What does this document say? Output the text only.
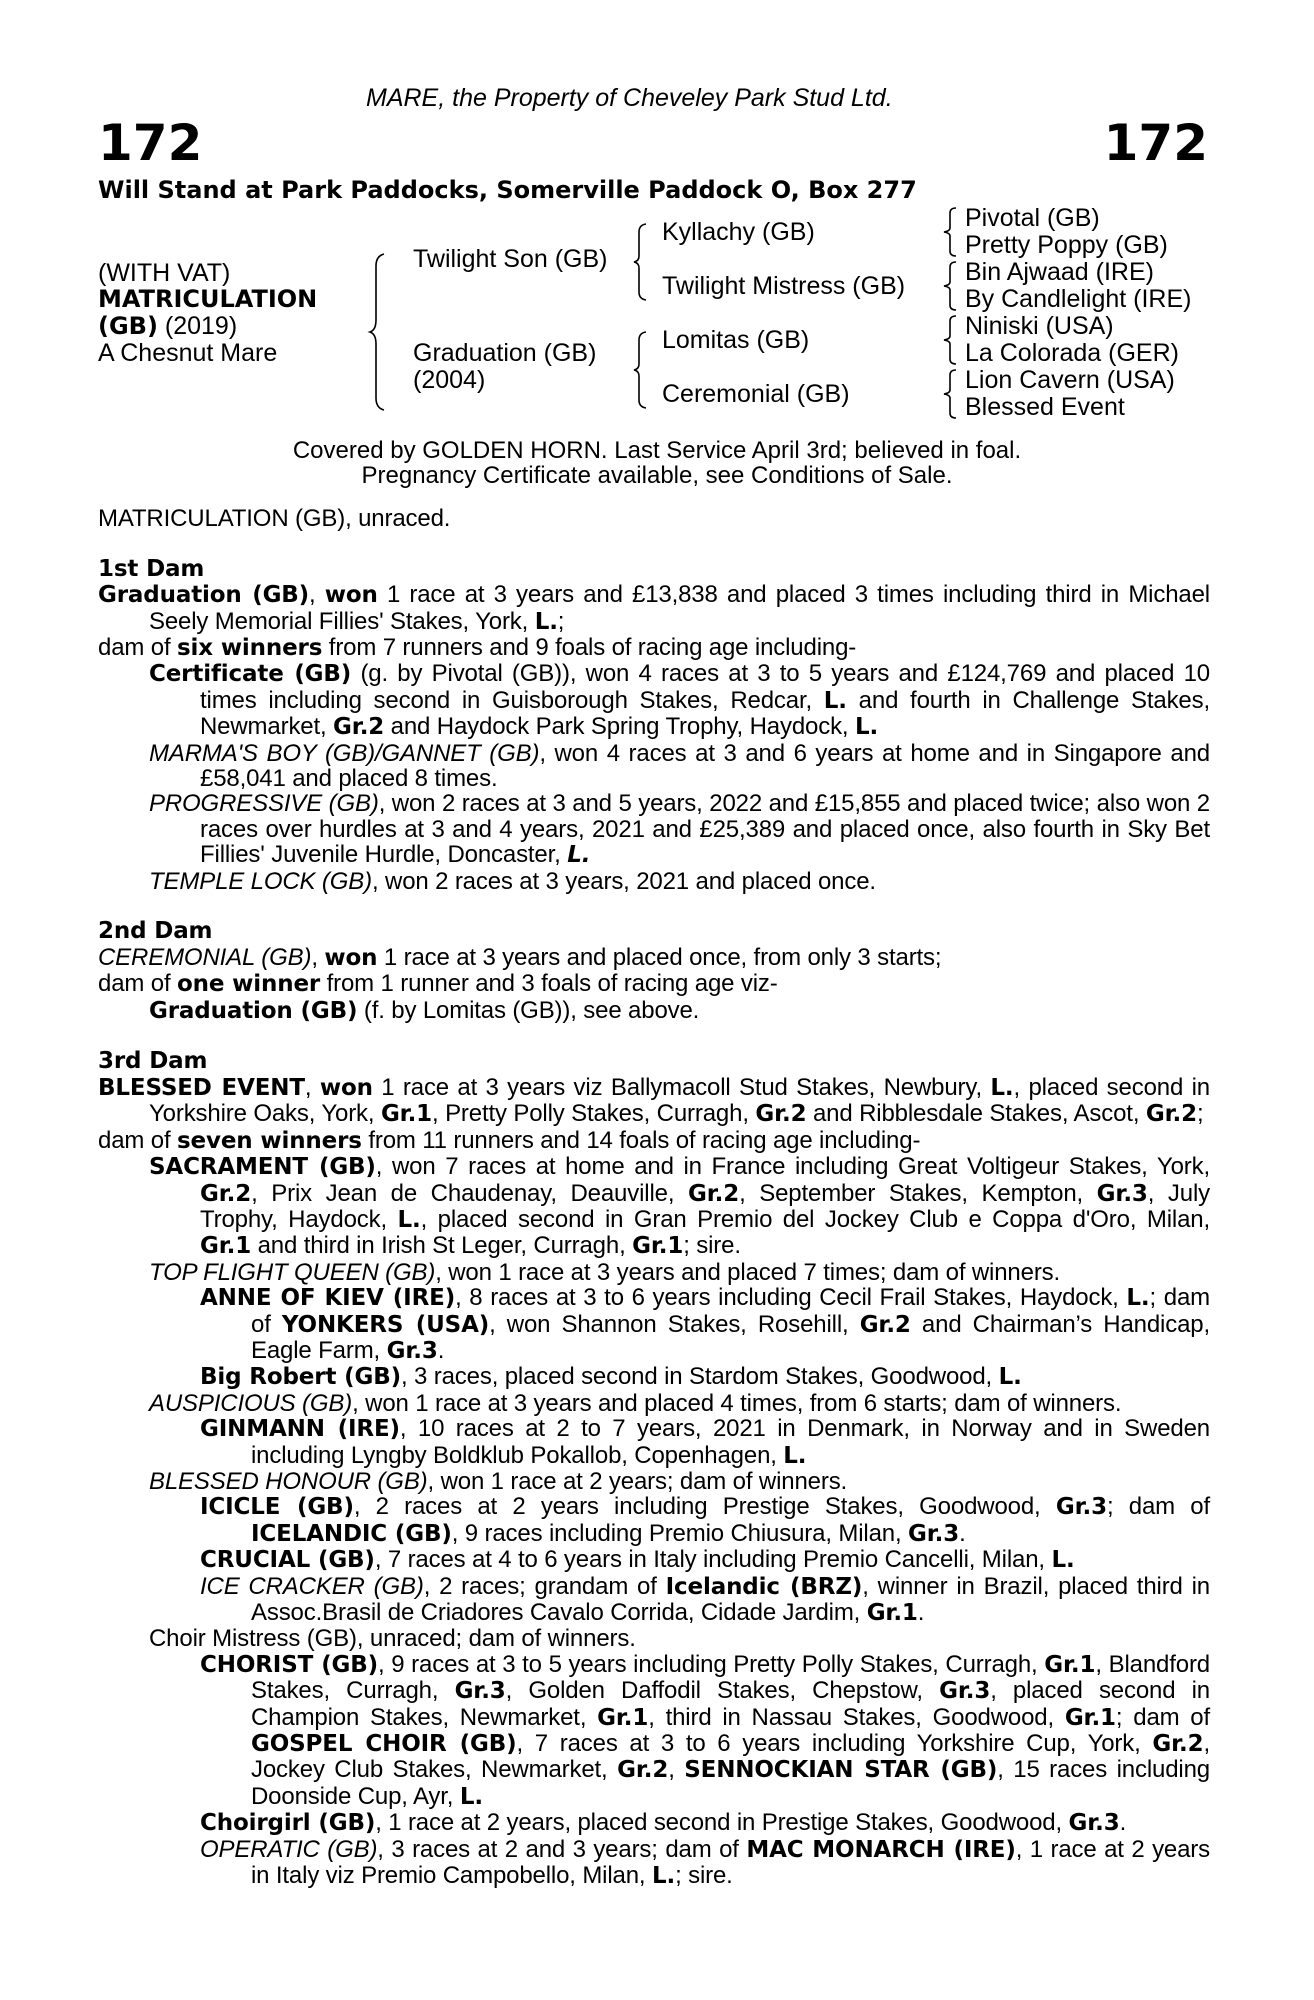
MARE, the Property of Cheveley Park Stud Ltd.
172	172
Will Stand at Park Paddocks, Somerville Paddock O, Box 277
(WITH VAT)
MATRICULATION
(GB) (2019)
A Chesnut Mare
Twilight Son (GB)
Graduation (GB)
(2004)
Kyllachy (GB)
Twilight Mistress (GB)
Lomitas (GB)
Ceremonial (GB)
Pivotal (GB)
Pretty Poppy (GB)
Bin Ajwaad (IRE)
By Candlelight (IRE)
Niniski (USA)
La Colorada (GER)
Lion Cavern (USA)
Blessed Event
Covered by GOLDEN HORN. Last Service April 3rd; believed in foal.
Pregnancy Certificate available, see Conditions of Sale.
MATRICULATION (GB), unraced.
1st Dam
Graduation (GB), won 1 race at 3 years and £13,838 and placed 3 times including third in Michael Seely Memorial Fillies' Stakes, York, L.;
dam of six winners from 7 runners and 9 foals of racing age including-
Certificate (GB) (g. by Pivotal (GB)), won 4 races at 3 to 5 years and £124,769 and placed 10 times including second in Guisborough Stakes, Redcar, L. and fourth in Challenge Stakes, Newmarket, Gr.2 and Haydock Park Spring Trophy, Haydock, L.
MARMA'S BOY (GB)/GANNET (GB), won 4 races at 3 and 6 years at home and in Singapore and £58,041 and placed 8 times.
PROGRESSIVE (GB), won 2 races at 3 and 5 years, 2022 and £15,855 and placed twice; also won 2 races over hurdles at 3 and 4 years, 2021 and £25,389 and placed once, also fourth in Sky Bet Fillies' Juvenile Hurdle, Doncaster, L.
TEMPLE LOCK (GB), won 2 races at 3 years, 2021 and placed once.
2nd Dam
CEREMONIAL (GB), won 1 race at 3 years and placed once, from only 3 starts;
dam of one winner from 1 runner and 3 foals of racing age viz-
Graduation (GB) (f. by Lomitas (GB)), see above.
3rd Dam
BLESSED EVENT, won 1 race at 3 years viz Ballymacoll Stud Stakes, Newbury, L., placed second in Yorkshire Oaks, York, Gr.1, Pretty Polly Stakes, Curragh, Gr.2 and Ribblesdale Stakes, Ascot, Gr.2;
dam of seven winners from 11 runners and 14 foals of racing age including-
SACRAMENT (GB), won 7 races at home and in France including Great Voltigeur Stakes, York, Gr.2, Prix Jean de Chaudenay, Deauville, Gr.2, September Stakes, Kempton, Gr.3, July Trophy, Haydock, L., placed second in Gran Premio del Jockey Club e Coppa d'Oro, Milan, Gr.1 and third in Irish St Leger, Curragh, Gr.1; sire.
TOP FLIGHT QUEEN (GB), won 1 race at 3 years and placed 7 times; dam of winners.
ANNE OF KIEV (IRE), 8 races at 3 to 6 years including Cecil Frail Stakes, Haydock, L.; dam of YONKERS (USA), won Shannon Stakes, Rosehill, Gr.2 and Chairman’s Handicap, Eagle Farm, Gr.3.
Big Robert (GB), 3 races, placed second in Stardom Stakes, Goodwood, L.
AUSPICIOUS (GB), won 1 race at 3 years and placed 4 times, from 6 starts; dam of winners.
GINMANN (IRE), 10 races at 2 to 7 years, 2021 in Denmark, in Norway and in Sweden including Lyngby Boldklub Pokallob, Copenhagen, L.
BLESSED HONOUR (GB), won 1 race at 2 years; dam of winners.
ICICLE (GB), 2 races at 2 years including Prestige Stakes, Goodwood, Gr.3; dam of ICELANDIC (GB), 9 races including Premio Chiusura, Milan, Gr.3.
CRUCIAL (GB), 7 races at 4 to 6 years in Italy including Premio Cancelli, Milan, L.
ICE CRACKER (GB), 2 races; grandam of Icelandic (BRZ), winner in Brazil, placed third in Assoc.Brasil de Criadores Cavalo Corrida, Cidade Jardim, Gr.1.
Choir Mistress (GB), unraced; dam of winners.
CHORIST (GB), 9 races at 3 to 5 years including Pretty Polly Stakes, Curragh, Gr.1, Blandford Stakes, Curragh, Gr.3, Golden Daffodil Stakes, Chepstow, Gr.3, placed second in Champion Stakes, Newmarket, Gr.1, third in Nassau Stakes, Goodwood, Gr.1; dam of GOSPEL CHOIR (GB), 7 races at 3 to 6 years including Yorkshire Cup, York, Gr.2, Jockey Club Stakes, Newmarket, Gr.2, SENNOCKIAN STAR (GB), 15 races including Doonside Cup, Ayr, L.
Choirgirl (GB), 1 race at 2 years, placed second in Prestige Stakes, Goodwood, Gr.3.
OPERATIC (GB), 3 races at 2 and 3 years; dam of MAC MONARCH (IRE), 1 race at 2 years in Italy viz Premio Campobello, Milan, L.; sire.
